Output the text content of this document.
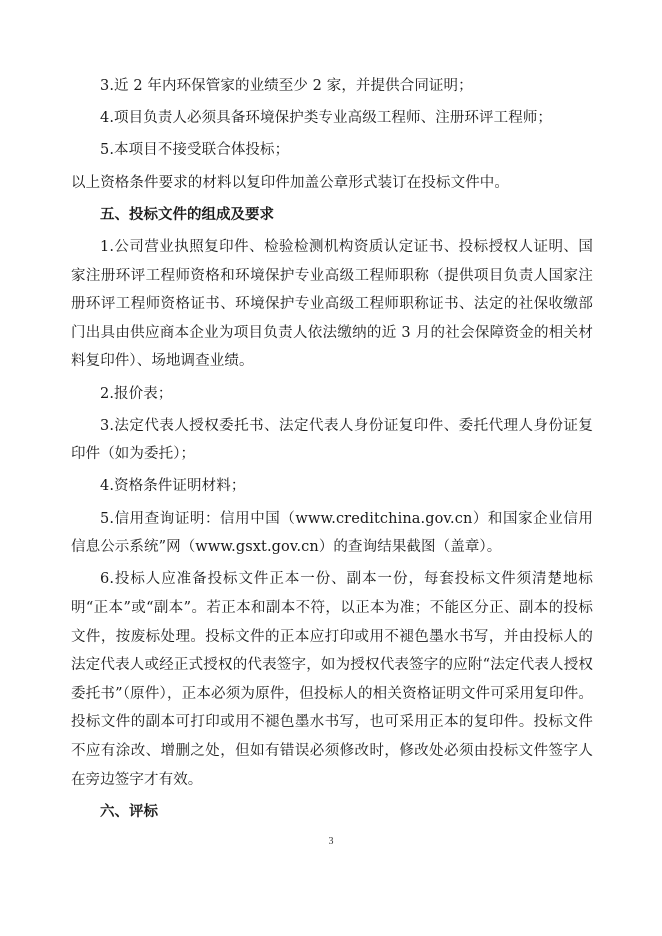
3.近 2 年内环保管家的业绩至少 2 家，并提供合同证明；

4.项目负责人必须具备环境保护类专业高级工程师、注册环评工程师；

5.本项目不接受联合体投标；

以上资格条件要求的材料以复印件加盖公章形式装订在投标文件中。

五、投标文件的组成及要求

1.公司营业执照复印件、检验检测机构资质认定证书、投标授权人证明、国家注册环评工程师资格和环境保护专业高级工程师职称（提供项目负责人国家注册环评工程师资格证书、环境保护专业高级工程师职称证书、法定的社保收缴部门出具由供应商本企业为项目负责人依法缴纳的近 3 月的社会保障资金的相关材料复印件）、场地调查业绩。

2.报价表；

3.法定代表人授权委托书、法定代表人身份证复印件、委托代理人身份证复印件（如为委托）；

4.资格条件证明材料；

5.信用查询证明：信用中国（www.creditchina.gov.cn）和国家企业信用信息公示系统”网（www.gsxt.gov.cn）的查询结果截图（盖章）。

6.投标人应准备投标文件正本一份、副本一份，每套投标文件须清楚地标明“正本”或“副本”。若正本和副本不符，以正本为准；不能区分正、副本的投标文件，按废标处理。投标文件的正本应打印或用不褪色墨水书写，并由投标人的法定代表人或经正式授权的代表签字，如为授权代表签字的应附“法定代表人授权委托书”（原件），正本必须为原件，但投标人的相关资格证明文件可采用复印件。投标文件的副本可打印或用不褪色墨水书写，也可采用正本的复印件。投标文件不应有涂改、增删之处，但如有错误必须修改时，修改处必须由投标文件签字人在旁边签字才有效。

六、评标
3
